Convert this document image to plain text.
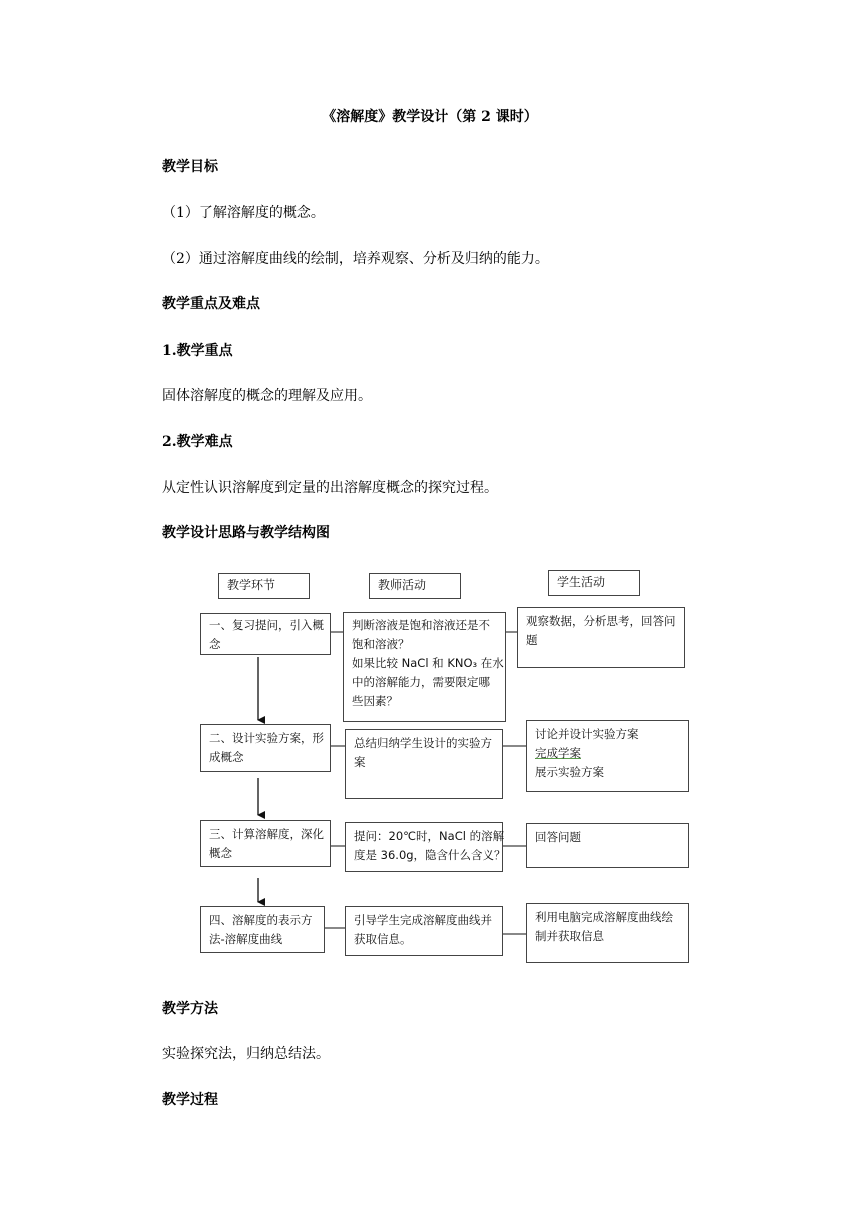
《溶解度》教学设计（第 2 课时）
教学目标
（1）了解溶解度的概念。
（2）通过溶解度曲线的绘制，培养观察、分析及归纳的能力。
教学重点及难点
1.教学重点
固体溶解度的概念的理解及应用。
2.教学难点
从定性认识溶解度到定量的出溶解度概念的探究过程。
教学设计思路与教学结构图
教学环节	教师活动	学生活动
一、复习提问，引入概
念
判断溶液是饱和溶液还是不
饱和溶液？
如果比较 NaCl 和 KNO₃ 在水
中的溶解能力，需要限定哪
些因素？
观察数据，分析思考，回答问
题
二、设计实验方案，形
成概念
总结归纳学生设计的实验方
案
讨论并设计实验方案
完成学案
展示实验方案
三、计算溶解度，深化
概念
提问：20℃时，NaCl 的溶解
度是 36.0g，隐含什么含义？
回答问题
四、溶解度的表示方
法-溶解度曲线
引导学生完成溶解度曲线并
获取信息。
利用电脑完成溶解度曲线绘
制并获取信息
教学方法
实验探究法，归纳总结法。
教学过程
